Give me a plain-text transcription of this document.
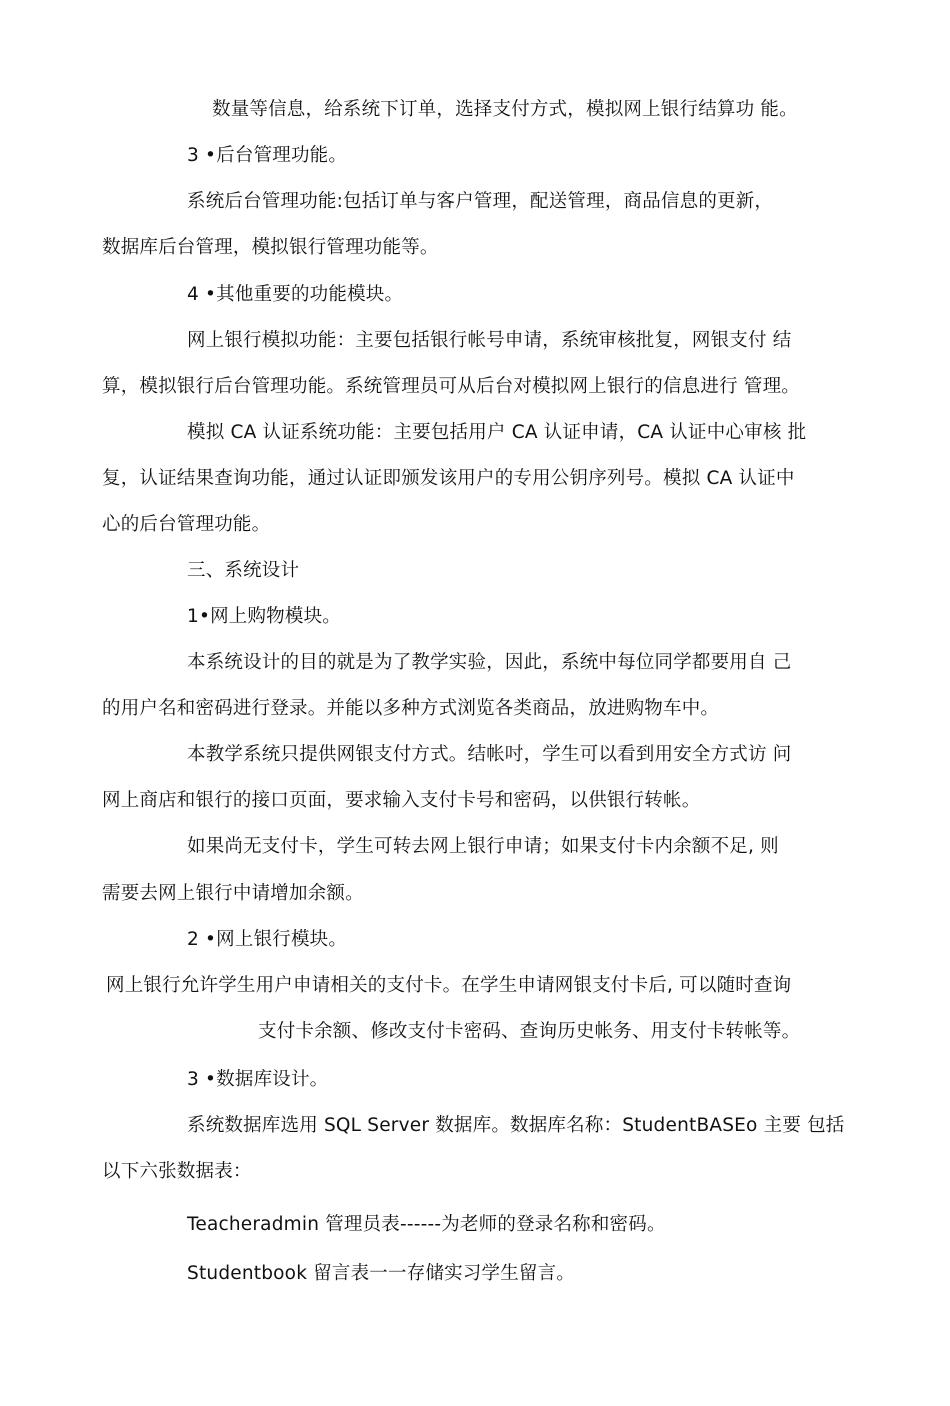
数量等信息，给系统下订单，选择支付方式，模拟网上银行结算功 能。
3 •后台管理功能。
系统后台管理功能:包括订单与客户管理，配送管理，商品信息的更新，
数据库后台管理，模拟银行管理功能等。
4 •其他重要的功能模块。
网上银行模拟功能：主要包括银行帐号申请，系统审核批复，网银支付 结
算，模拟银行后台管理功能。系统管理员可从后台对模拟网上银行的信息进行 管理。
模拟 CA 认证系统功能：主要包括用户 CA 认证申请，CA 认证中心审核 批
复，认证结果查询功能，通过认证即颁发该用户的专用公钥序列号。模拟 CA 认证中
心的后台管理功能。
三、系统设计
1•网上购物模块。
本系统设计的目的就是为了教学实验，因此，系统中每位同学都要用自 己
的用户名和密码进行登录。并能以多种方式浏览各类商品，放进购物车中。
本教学系统只提供网银支付方式。结帐吋，学生可以看到用安全方式访 问
网上商店和银行的接口页面，要求输入支付卡号和密码，以供银行转帐。
如果尚无支付卡，学生可转去网上银行申请；如果支付卡内余额不足, 则
需要去网上银行中请增加余额。
2 •网上银行模块。
网上银行允许学生用户申请相关的支付卡。在学生申请网银支付卡后, 可以随时查询
支付卡余额、修改支付卡密码、查询历史帐务、用支付卡转帐等。
3 •数据库设计。
系统数据库选用 SQL Server 数据库。数据库名称：StudentBASEo 主要 包括
以下六张数据表：
Teacheradmin 管理员表------为老师的登录名称和密码。
Studentbook 留言表一一存储实习学生留言。
